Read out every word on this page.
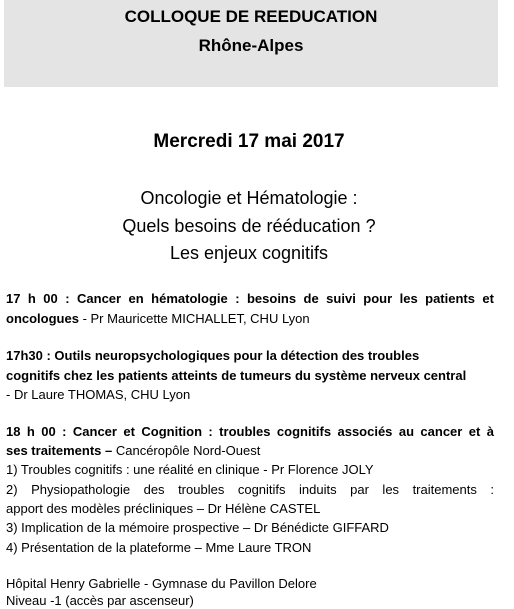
COLLOQUE DE REEDUCATION
Rhône-Alpes
Mercredi 17 mai 2017
Oncologie et Hématologie :
Quels besoins de rééducation ?
Les enjeux cognitifs
17 h 00 : Cancer en hématologie : besoins de suivi pour les patients et
oncologues - Pr Mauricette MICHALLET, CHU Lyon
17h30 : Outils neuropsychologiques pour la détection des troubles
cognitifs chez les patients atteints de tumeurs du système nerveux central
- Dr Laure THOMAS, CHU Lyon
18 h 00 : Cancer et Cognition : troubles cognitifs associés au cancer et à
ses traitements – Cancéropôle Nord-Ouest
1) Troubles cognitifs : une réalité en clinique - Pr Florence JOLY
2) Physiopathologie des troubles cognitifs induits par les traitements :
apport des modèles précliniques – Dr Hélène CASTEL
3) Implication de la mémoire prospective – Dr Bénédicte GIFFARD
4) Présentation de la plateforme – Mme Laure TRON
Hôpital Henry Gabrielle - Gymnase du Pavillon Delore
Niveau -1 (accès par ascenseur)
